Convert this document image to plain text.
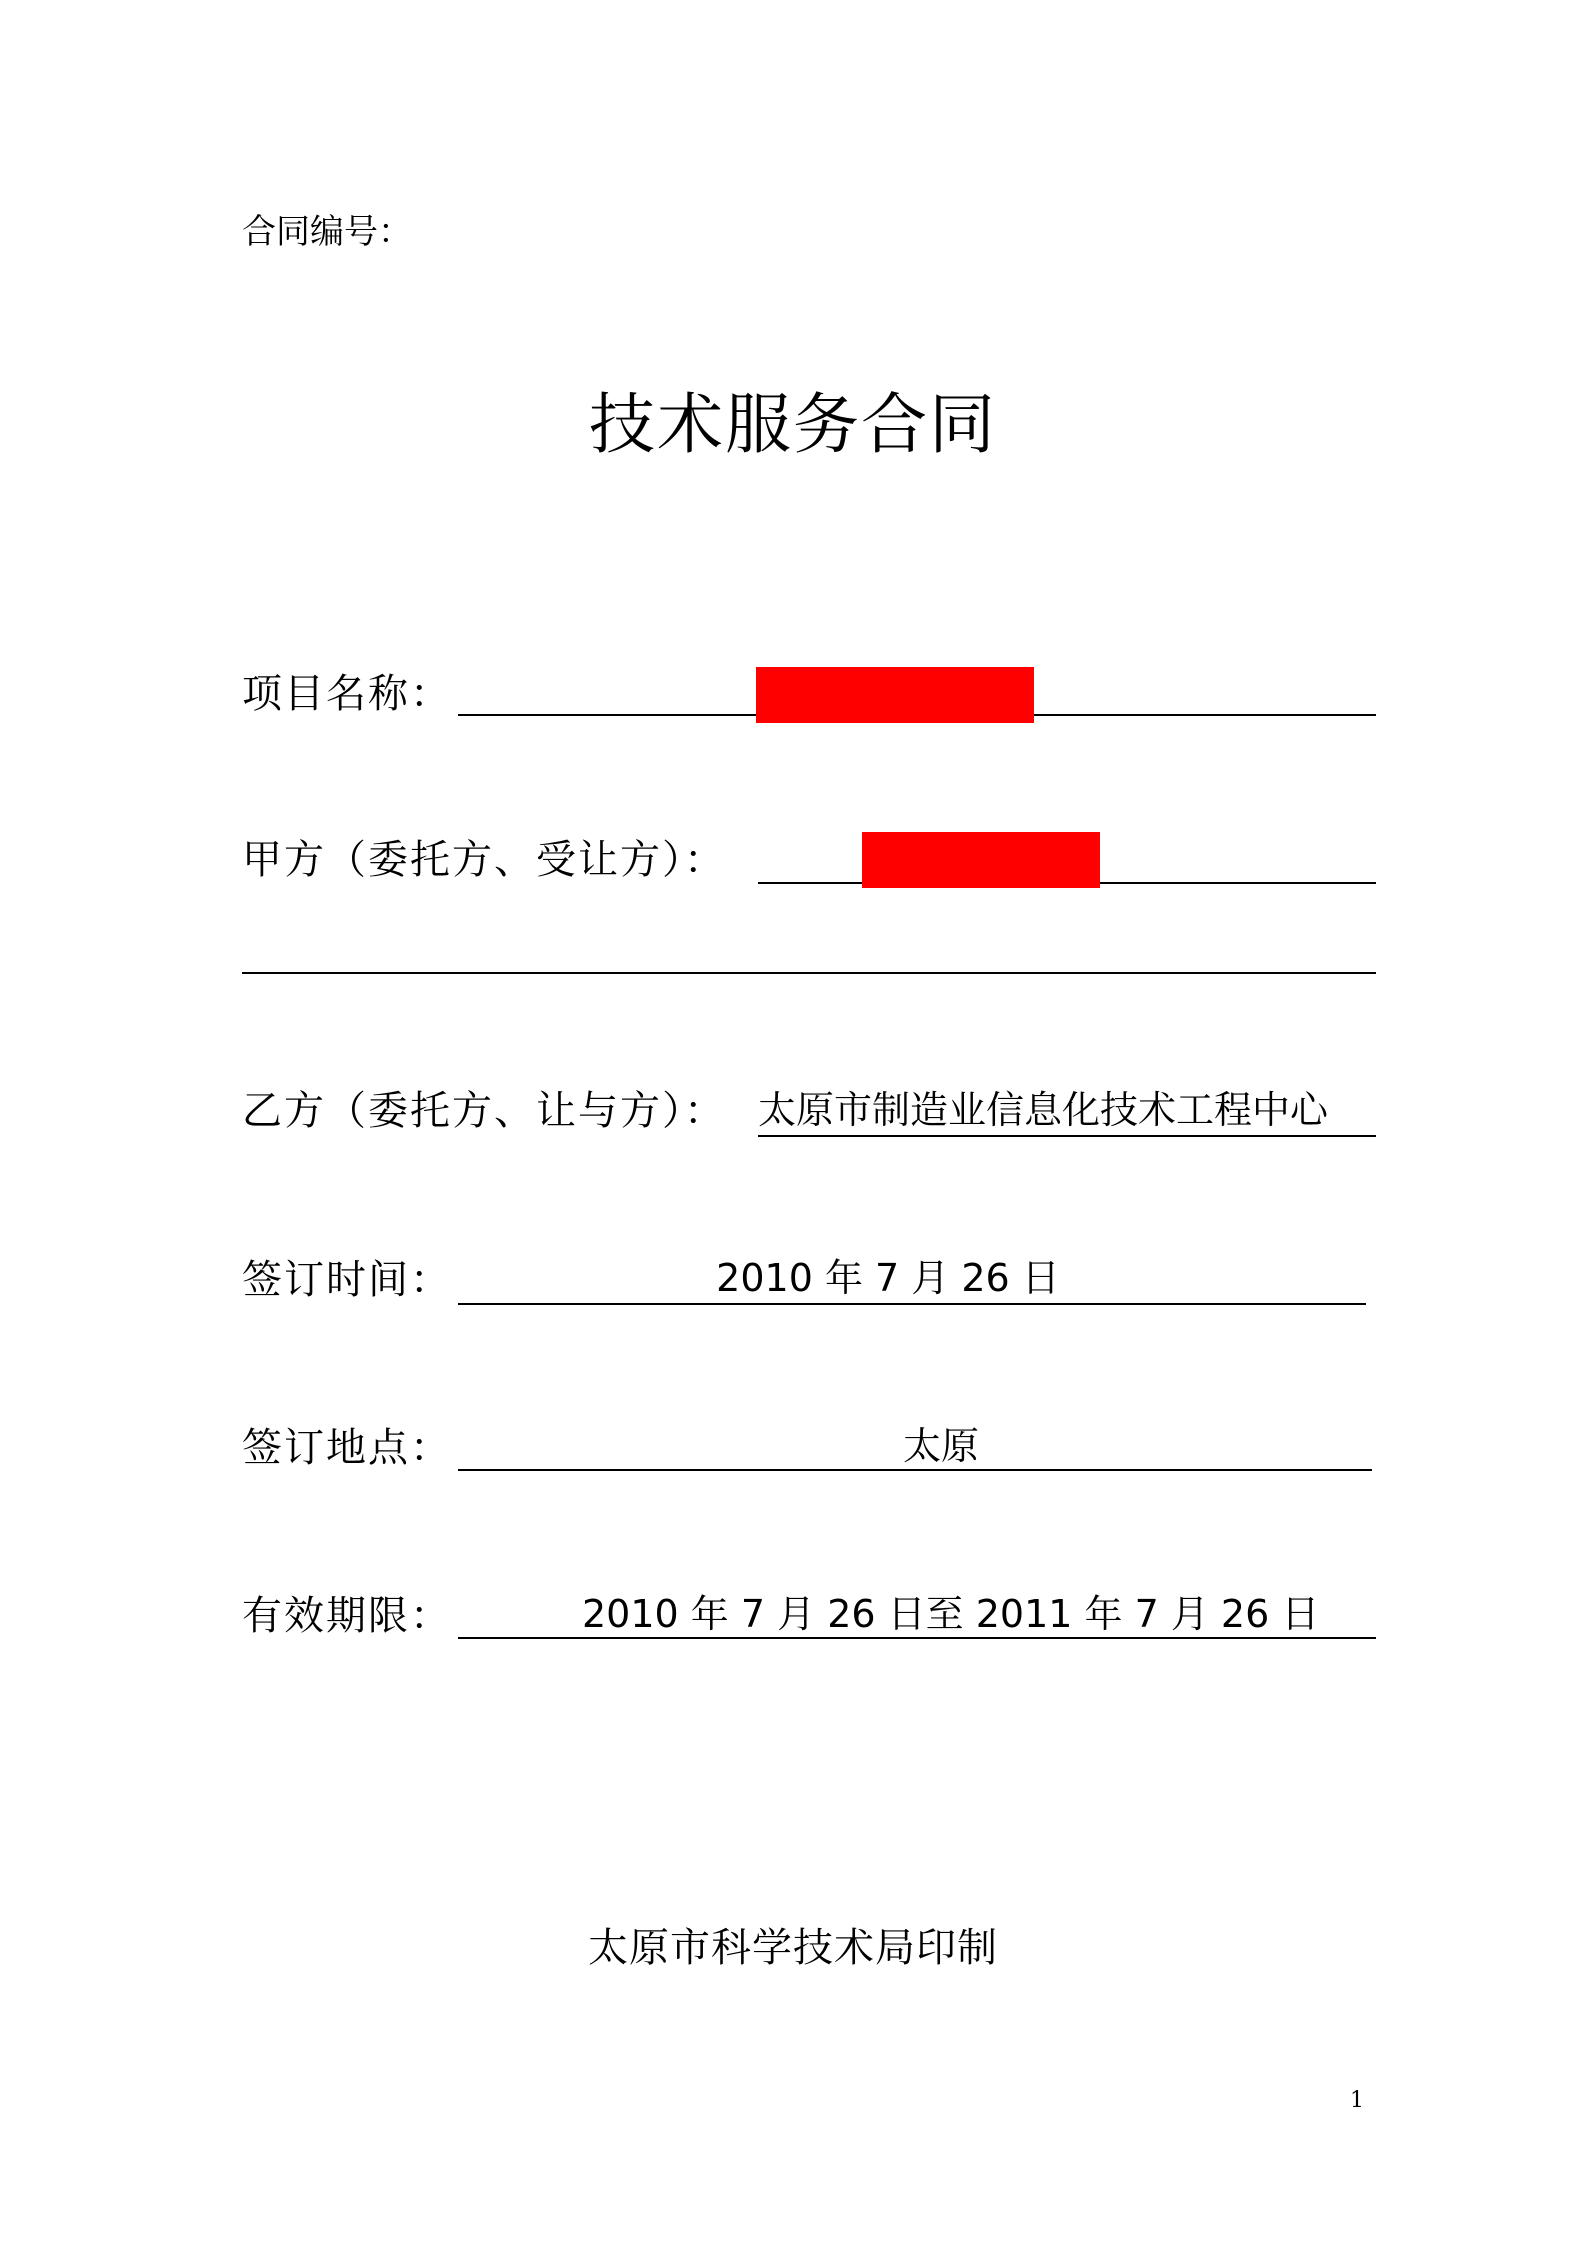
合同编号：
技术服务合同
项目名称：
甲方（委托方、受让方）：
乙方（委托方、让与方）： 太原市制造业信息化技术工程中心
签订时间：	2010 年 7 月 26 日
签订地点：	太原
有效期限：	2010 年 7 月 26 日至 2011 年 7 月 26 日
太原市科学技术局印制
1
